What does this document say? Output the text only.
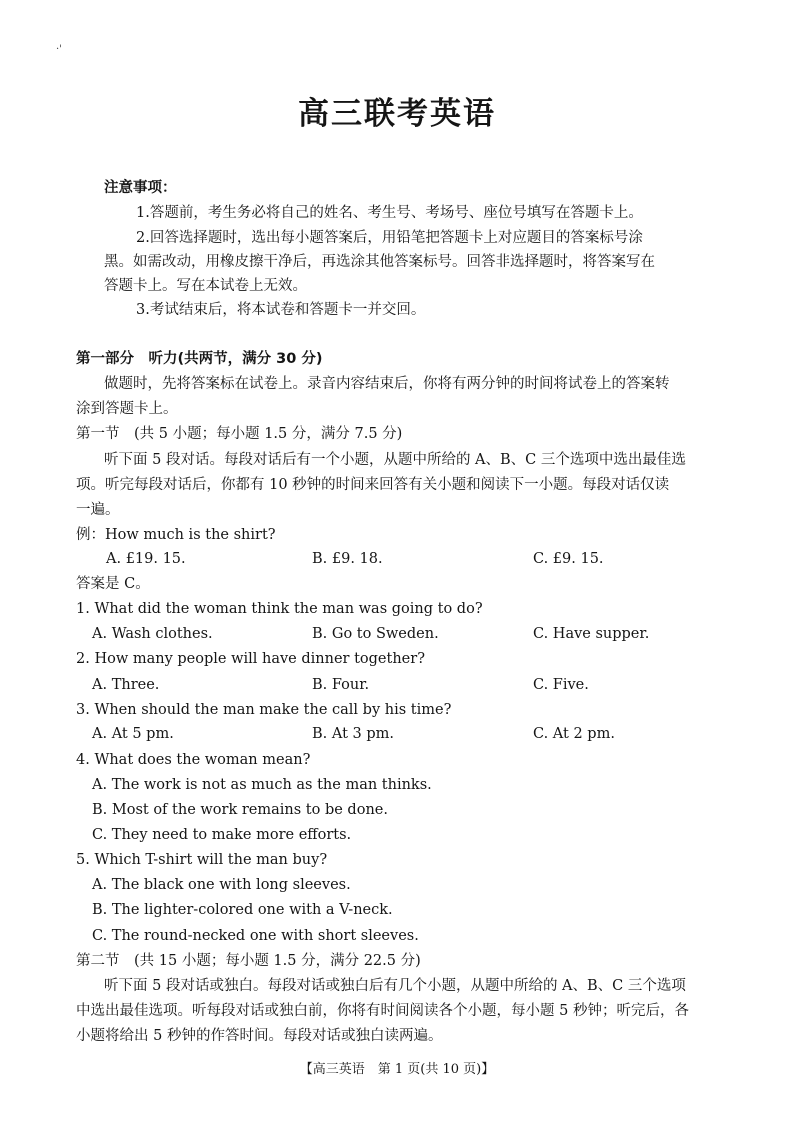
·'
高三联考英语
注意事项：
1.答题前，考生务必将自己的姓名、考生号、考场号、座位号填写在答题卡上。
2.回答选择题时，选出每小题答案后，用铅笔把答题卡上对应题目的答案标号涂
黑。如需改动，用橡皮擦干净后，再选涂其他答案标号。回答非选择题时，将答案写在
答题卡上。写在本试卷上无效。
3.考试结束后，将本试卷和答题卡一并交回。
第一部分　听力(共两节，满分 30 分)
做题时，先将答案标在试卷上。录音内容结束后，你将有两分钟的时间将试卷上的答案转
涂到答题卡上。
第一节　(共 5 小题；每小题 1.5 分，满分 7.5 分)
听下面 5 段对话。每段对话后有一个小题，从题中所给的 A、B、C 三个选项中选出最佳选
项。听完每段对话后，你都有 10 秒钟的时间来回答有关小题和阅读下一小题。每段对话仅读
一遍。
例：How much is the shirt?
A. £19. 15.	B. £9. 18.	C. £9. 15.
答案是 C。
1. What did the woman think the man was going to do?
A. Wash clothes.	B. Go to Sweden.	C. Have supper.
2. How many people will have dinner together?
A. Three.	B. Four.	C. Five.
3. When should the man make the call by his time?
A. At 5 pm.	B. At 3 pm.	C. At 2 pm.
4. What does the woman mean?
A. The work is not as much as the man thinks.
B. Most of the work remains to be done.
C. They need to make more efforts.
5. Which T-shirt will the man buy?
A. The black one with long sleeves.
B. The lighter-colored one with a V-neck.
C. The round-necked one with short sleeves.
第二节　(共 15 小题；每小题 1.5 分，满分 22.5 分)
听下面 5 段对话或独白。每段对话或独白后有几个小题，从题中所给的 A、B、C 三个选项
中选出最佳选项。听每段对话或独白前，你将有时间阅读各个小题，每小题 5 秒钟；听完后，各
小题将给出 5 秒钟的作答时间。每段对话或独白读两遍。
【高三英语　第 1 页(共 10 页)】
